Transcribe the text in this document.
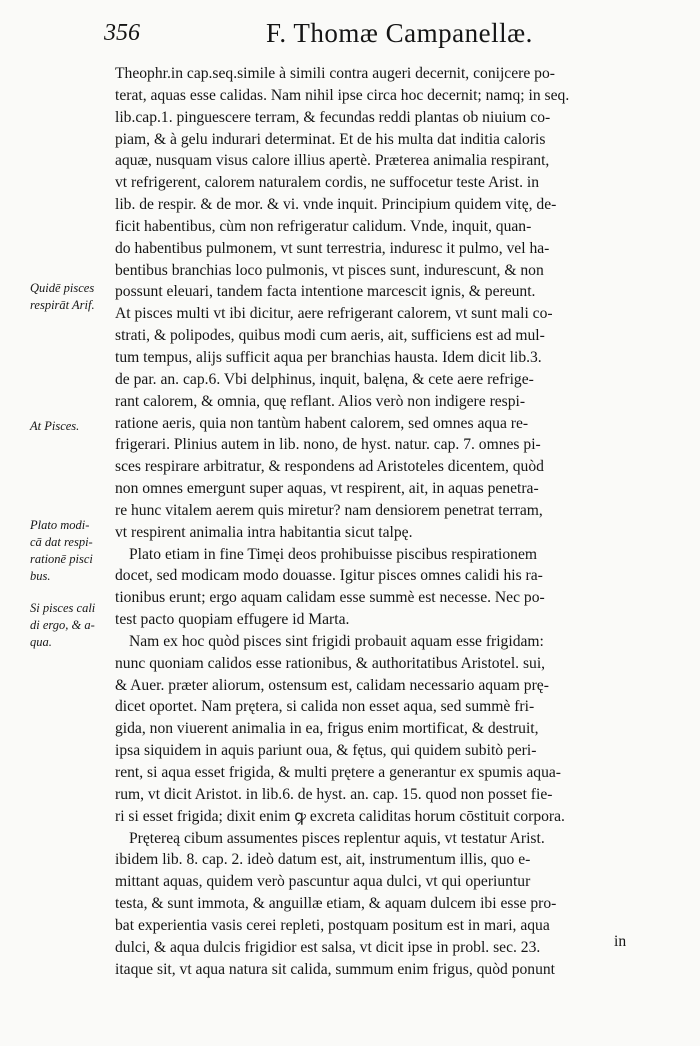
356	F. Thomæ Campanellæ.
Quidē pisces
respirāt Arif.
At Pisces.
Plato modi-
cā dat respi-
rationē pisci
bus.
Si pisces cali
di ergo, & a-
qua.
Theophr.in cap.seq.simile à simili contra augeri decernit, conijcere po-
terat, aquas esse calidas. Nam nihil ipse circa hoc decernit; namq; in seq.
lib.cap.1. pinguescere terram, & fecundas reddi plantas ob niuium co-
piam, & à gelu indurari determinat. Et de his multa dat inditia caloris
aquæ, nusquam visus calore illius apertè. Præterea animalia respirant,
vt refrigerent, calorem naturalem cordis, ne suffocetur teste Arist. in
lib. de respir. & de mor. & vi. vnde inquit. Principium quidem vitę, de-
ficit habentibus, cùm non refrigeratur calidum. Vnde, inquit, quan-
do habentibus pulmonem, vt sunt terrestria, induresc it pulmo, vel ha-
bentibus branchias loco pulmonis, vt pisces sunt, indurescunt, & non
possunt eleuari, tandem facta intentione marcescit ignis, & pereunt.
At pisces multi vt ibi dicitur, aere refrigerant calorem, vt sunt mali co-
strati, & polipodes, quibus modi cum aeris, ait, sufficiens est ad mul-
tum tempus, alijs sufficit aqua per branchias hausta. Idem dicit lib.3.
de par. an. cap.6. Vbi delphinus, inquit, balęna, & cete aere refrige-
rant calorem, & omnia, quę reflant. Alios verò non indigere respi-
ratione aeris, quia non tantùm habent calorem, sed omnes aqua re-
frigerari. Plinius autem in lib. nono, de hyst. natur. cap. 7. omnes pi-
sces respirare arbitratur, & respondens ad Aristoteles dicentem, quòd
non omnes emergunt super aquas, vt respirent, ait, in aquas penetra-
re hunc vitalem aerem quis miretur? nam densiorem penetrat terram,
vt respirent animalia intra habitantia sicut talpę.
Plato etiam in fine Timęi deos prohibuisse piscibus respirationem
docet, sed modicam modo douasse. Igitur pisces omnes calidi his ra-
tionibus erunt; ergo aquam calidam esse summè est necesse. Nec po-
test pacto quopiam effugere id Marta.
Nam ex hoc quòd pisces sint frigidi probauit aquam esse frigidam:
nunc quoniam calidos esse rationibus, & authoritatibus Aristotel. sui,
& Auer. præter aliorum, ostensum est, calidam necessario aquam prę-
dicet oportet. Nam prętera, si calida non esset aqua, sed summè fri-
gida, non viuerent animalia in ea, frigus enim mortificat, & destruit,
ipsa siquidem in aquis pariunt oua, & fętus, qui quidem subitò peri-
rent, si aqua esset frigida, & multi prętere a generantur ex spumis aqua-
rum, vt dicit Aristot. in lib.6. de hyst. an. cap. 15. quod non posset fie-
ri si esset frigida; dixit enim ꝙ excreta caliditas horum cōstituit corpora.
Prętereą cibum assumentes pisces replentur aquis, vt testatur Arist.
ibidem lib. 8. cap. 2. ideò datum est, ait, instrumentum illis, quo e-
mittant aquas, quidem verò pascuntur aqua dulci, vt qui operiuntur
testa, & sunt immota, & anguillæ etiam, & aquam dulcem ibi esse pro-
bat experientia vasis cerei repleti, postquam positum est in mari, aqua
dulci, & aqua dulcis frigidior est salsa, vt dicit ipse in probl. sec. 23.
itaque sit, vt aqua natura sit calida, summum enim frigus, quòd ponunt
in
